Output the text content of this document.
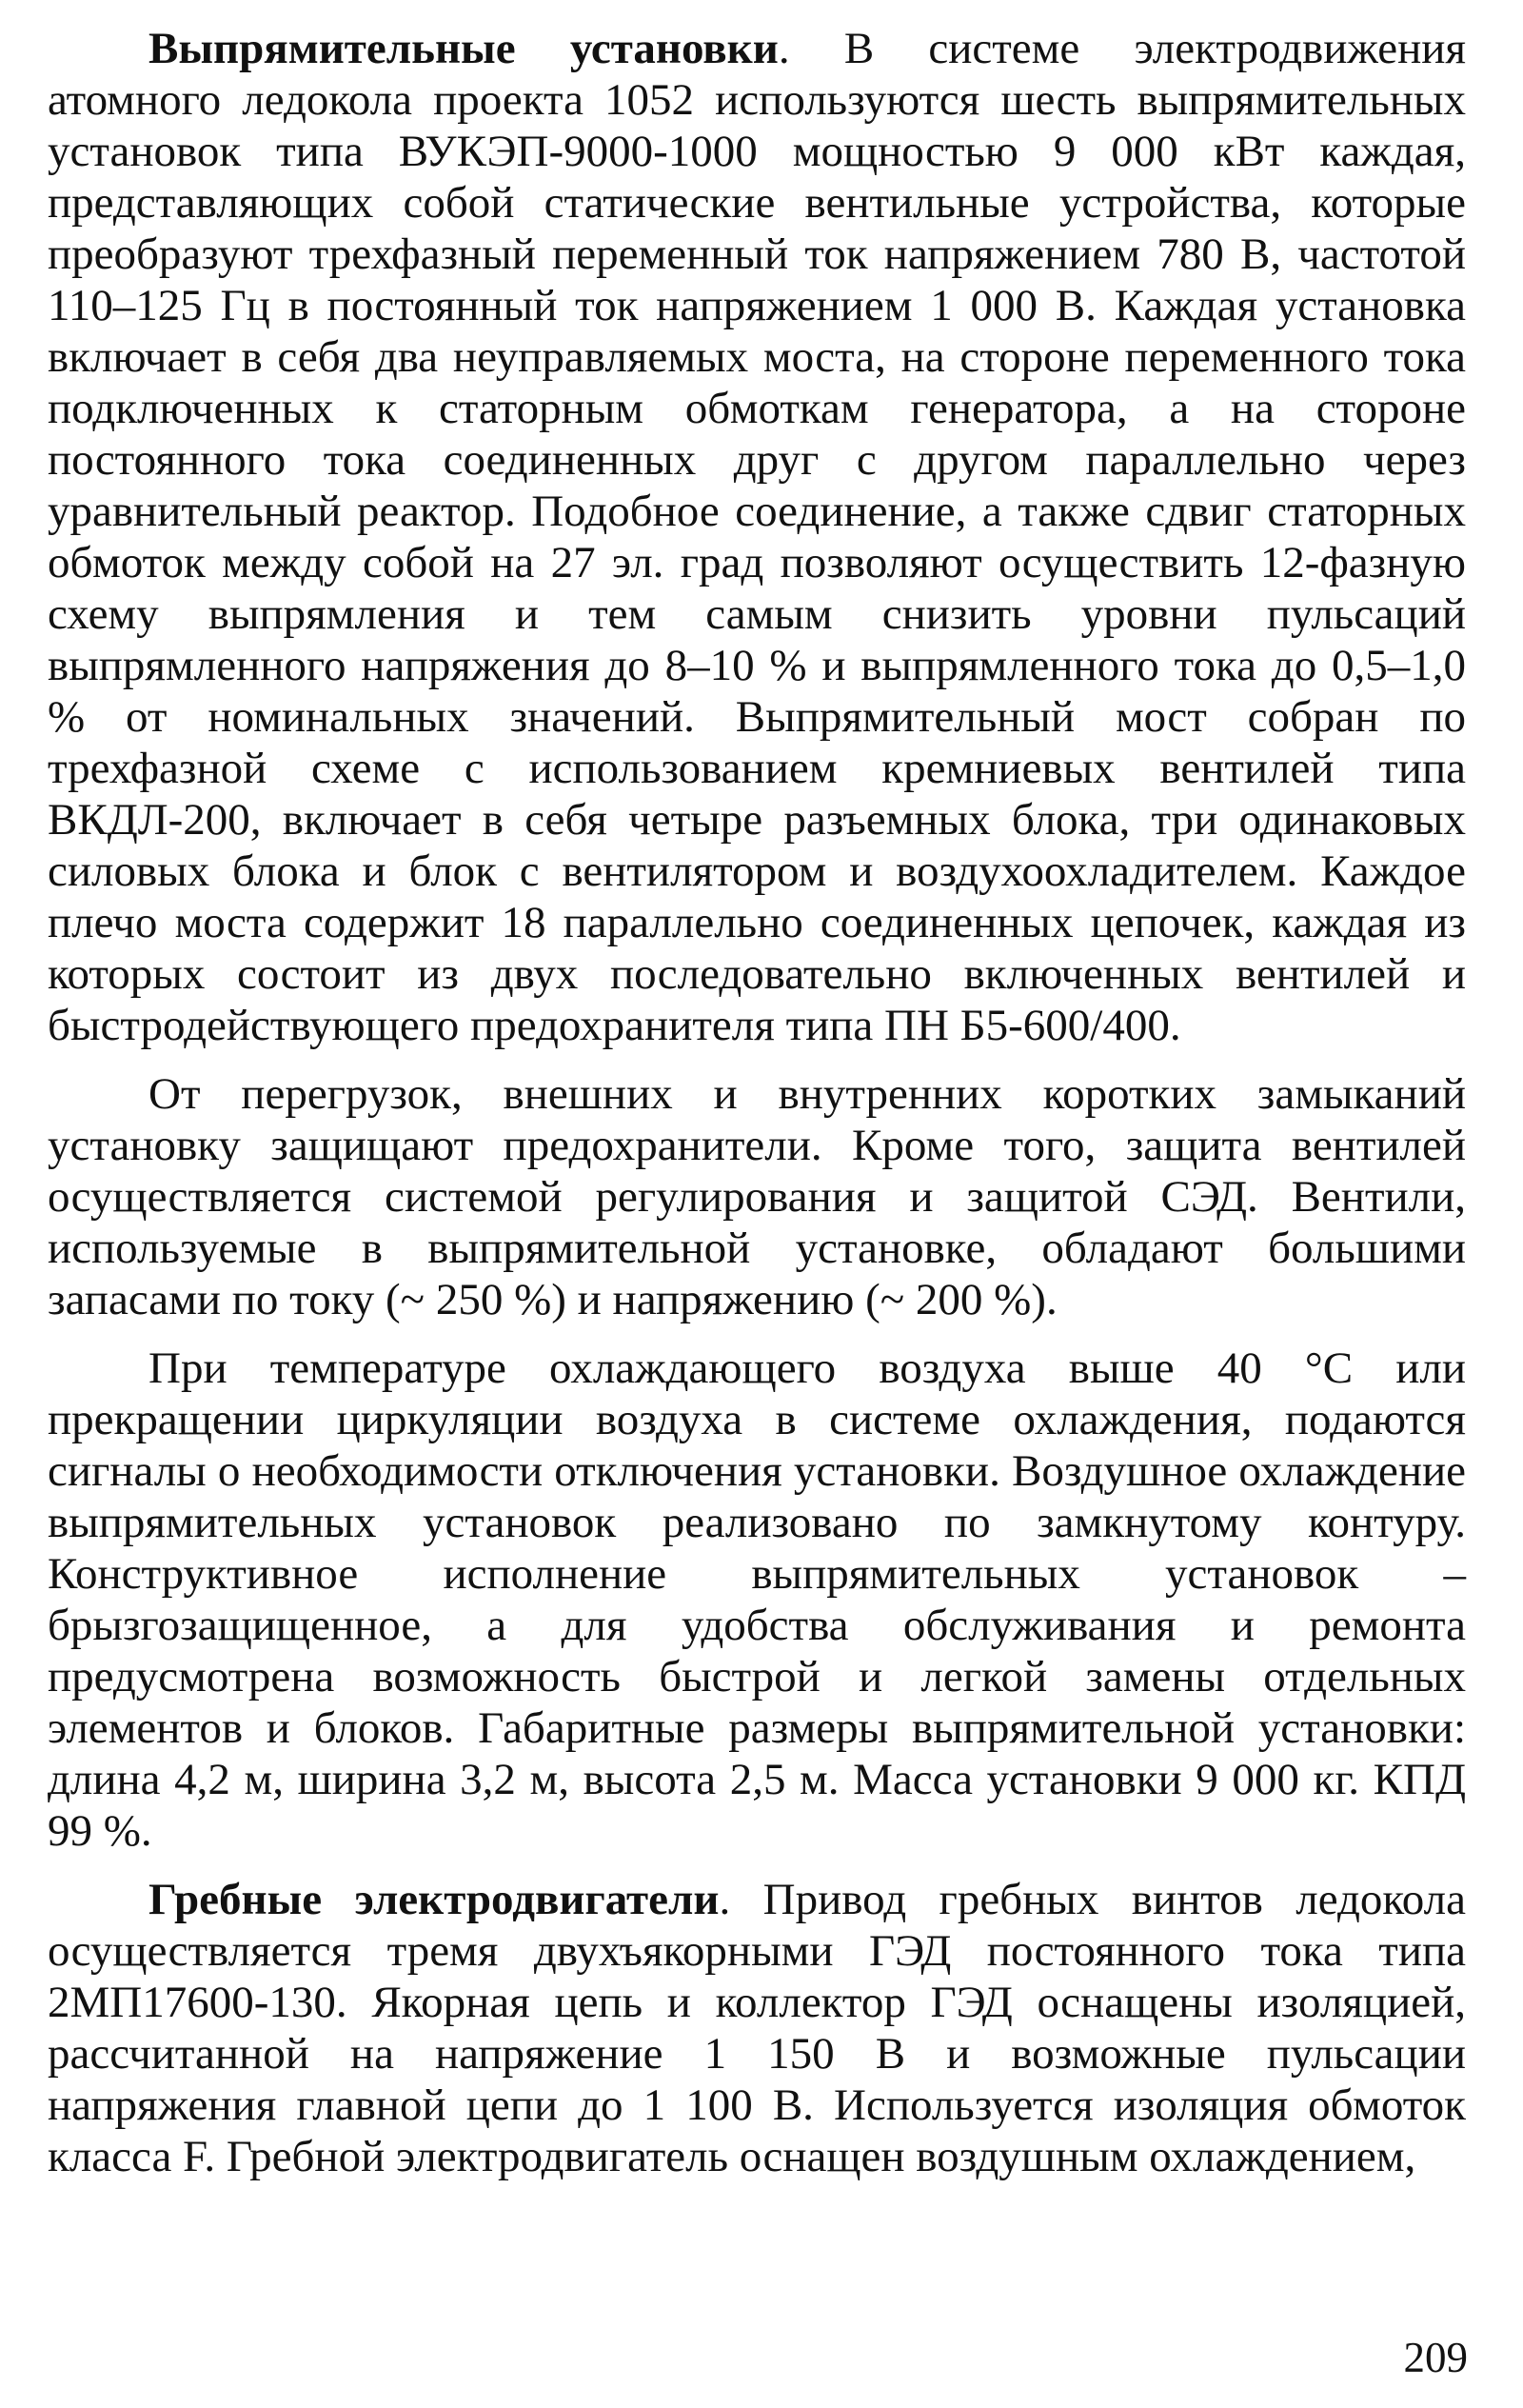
Выпрямительные установки. В системе электродвижения атомного ледокола проекта 1052 используются шесть выпрямительных установок типа ВУКЭП-9000-1000 мощностью 9 000 кВт каждая, представляющих собой статические вентильные устройства, которые преобразуют трехфазный переменный ток напряжением 780 В, частотой 110–125 Гц в постоянный ток напряжением 1 000 В. Каждая установка включает в себя два неуправляемых моста, на стороне переменного тока подключенных к статорным обмоткам генератора, а на стороне постоянного тока соединенных друг с другом параллельно через уравнительный реактор. Подобное соединение, а также сдвиг статорных обмоток между собой на 27 эл. град позволяют осуществить 12-фазную схему выпрямления и тем самым снизить уровни пульсаций выпрямленного напряжения до 8–10 % и выпрямленного тока до 0,5–1,0 % от номинальных значений. Выпрямительный мост собран по трехфазной схеме с использованием кремниевых вентилей типа ВКДЛ-200, включает в себя четыре разъемных блока, три одинаковых силовых блока и блок с вентилятором и воздухоохладителем. Каждое плечо моста содержит 18 параллельно соединенных цепочек, каждая из которых состоит из двух последовательно включенных вентилей и быстродействующего предохранителя типа ПН Б5-600/400.

От перегрузок, внешних и внутренних коротких замыканий установку защищают предохранители. Кроме того, защита вентилей осуществляется системой регулирования и защитой СЭД. Вентили, используемые в выпрямительной установке, обладают большими запасами по току (~ 250 %) и напряжению (~ 200 %).

При температуре охлаждающего воздуха выше 40 °С или прекращении циркуляции воздуха в системе охлаждения, подаются сигналы о необходимости отключения установки. Воздушное охлаждение выпрямительных установок реализовано по замкнутому контуру. Конструктивное исполнение выпрямительных установок – брызгозащищенное, а для удобства обслуживания и ремонта предусмотрена возможность быстрой и легкой замены отдельных элементов и блоков. Габаритные размеры выпрямительной установки: длина 4,2 м, ширина 3,2 м, высота 2,5 м. Масса установки 9 000 кг. КПД 99 %.

Гребные электродвигатели. Привод гребных винтов ледокола осуществляется тремя двухъякорными ГЭД постоянного тока типа 2МП17600-130. Якорная цепь и коллектор ГЭД оснащены изоляцией, рассчитанной на напряжение 1 150 В и возможные пульсации напряжения главной цепи до 1 100 В. Используется изоляция обмоток класса F. Гребной электродвигатель оснащен воздушным охлаждением,

209
